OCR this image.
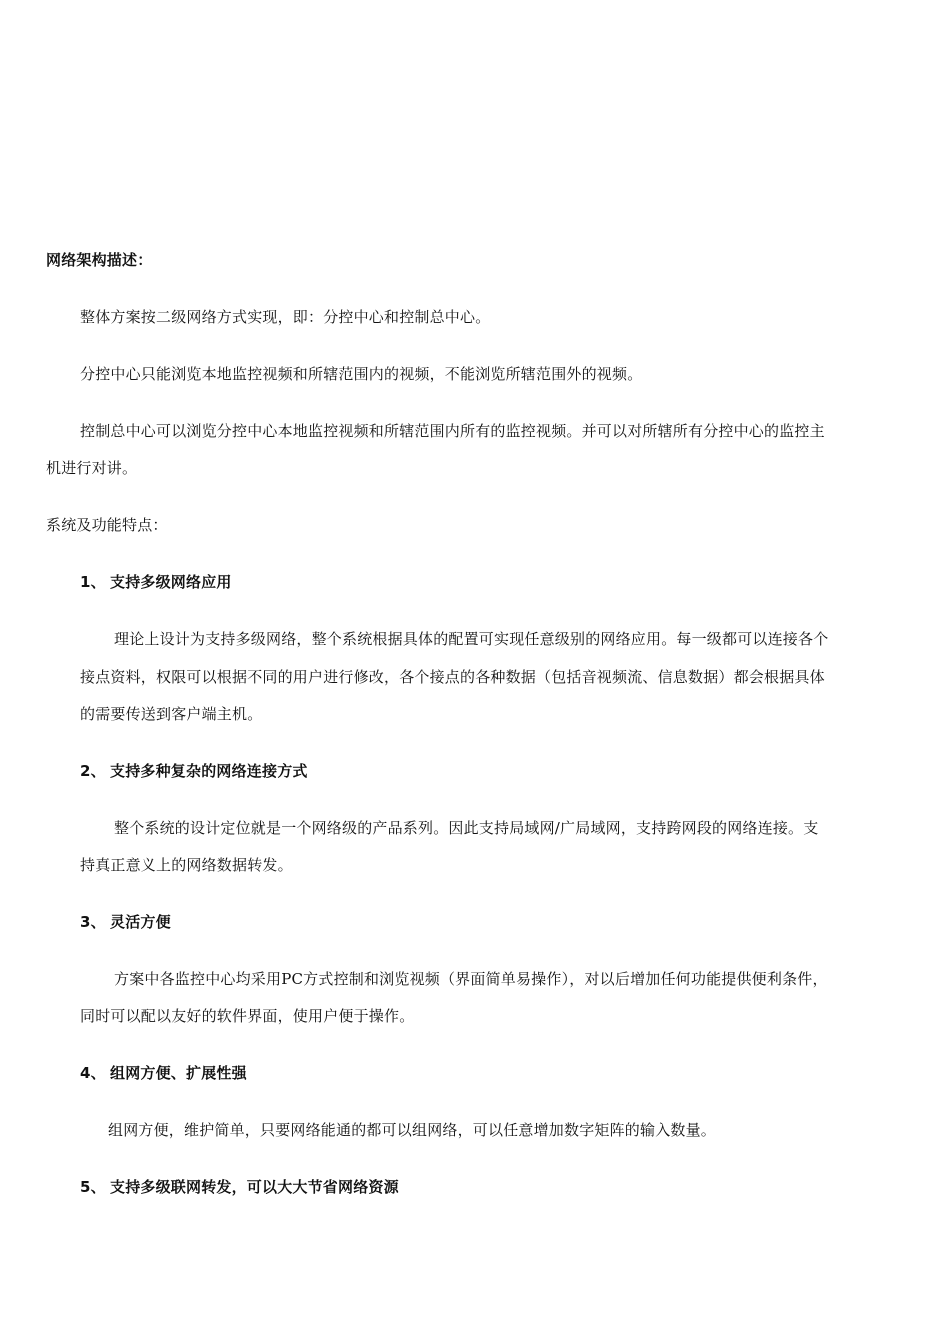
网络架构描述：
整体方案按二级网络方式实现，即：分控中心和控制总中心。
分控中心只能浏览本地监控视频和所辖范围内的视频，不能浏览所辖范围外的视频。
控制总中心可以浏览分控中心本地监控视频和所辖范围内所有的监控视频。并可以对所辖所有分控中心的监控主
机进行对讲。
系统及功能特点：
1、 支持多级网络应用
理论上设计为支持多级网络，整个系统根据具体的配置可实现任意级别的网络应用。每一级都可以连接各个
接点资料，权限可以根据不同的用户进行修改，各个接点的各种数据（包括音视频流、信息数据）都会根据具体
的需要传送到客户端主机。
2、 支持多种复杂的网络连接方式
整个系统的设计定位就是一个网络级的产品系列。因此支持局域网/广局域网，支持跨网段的网络连接。支
持真正意义上的网络数据转发。
3、 灵活方便
方案中各监控中心均采用PC方式控制和浏览视频（界面简单易操作），对以后增加任何功能提供便利条件，
同时可以配以友好的软件界面，使用户便于操作。
4、 组网方便、扩展性强
组网方便，维护简单，只要网络能通的都可以组网络，可以任意增加数字矩阵的输入数量。
5、 支持多级联网转发，可以大大节省网络资源
